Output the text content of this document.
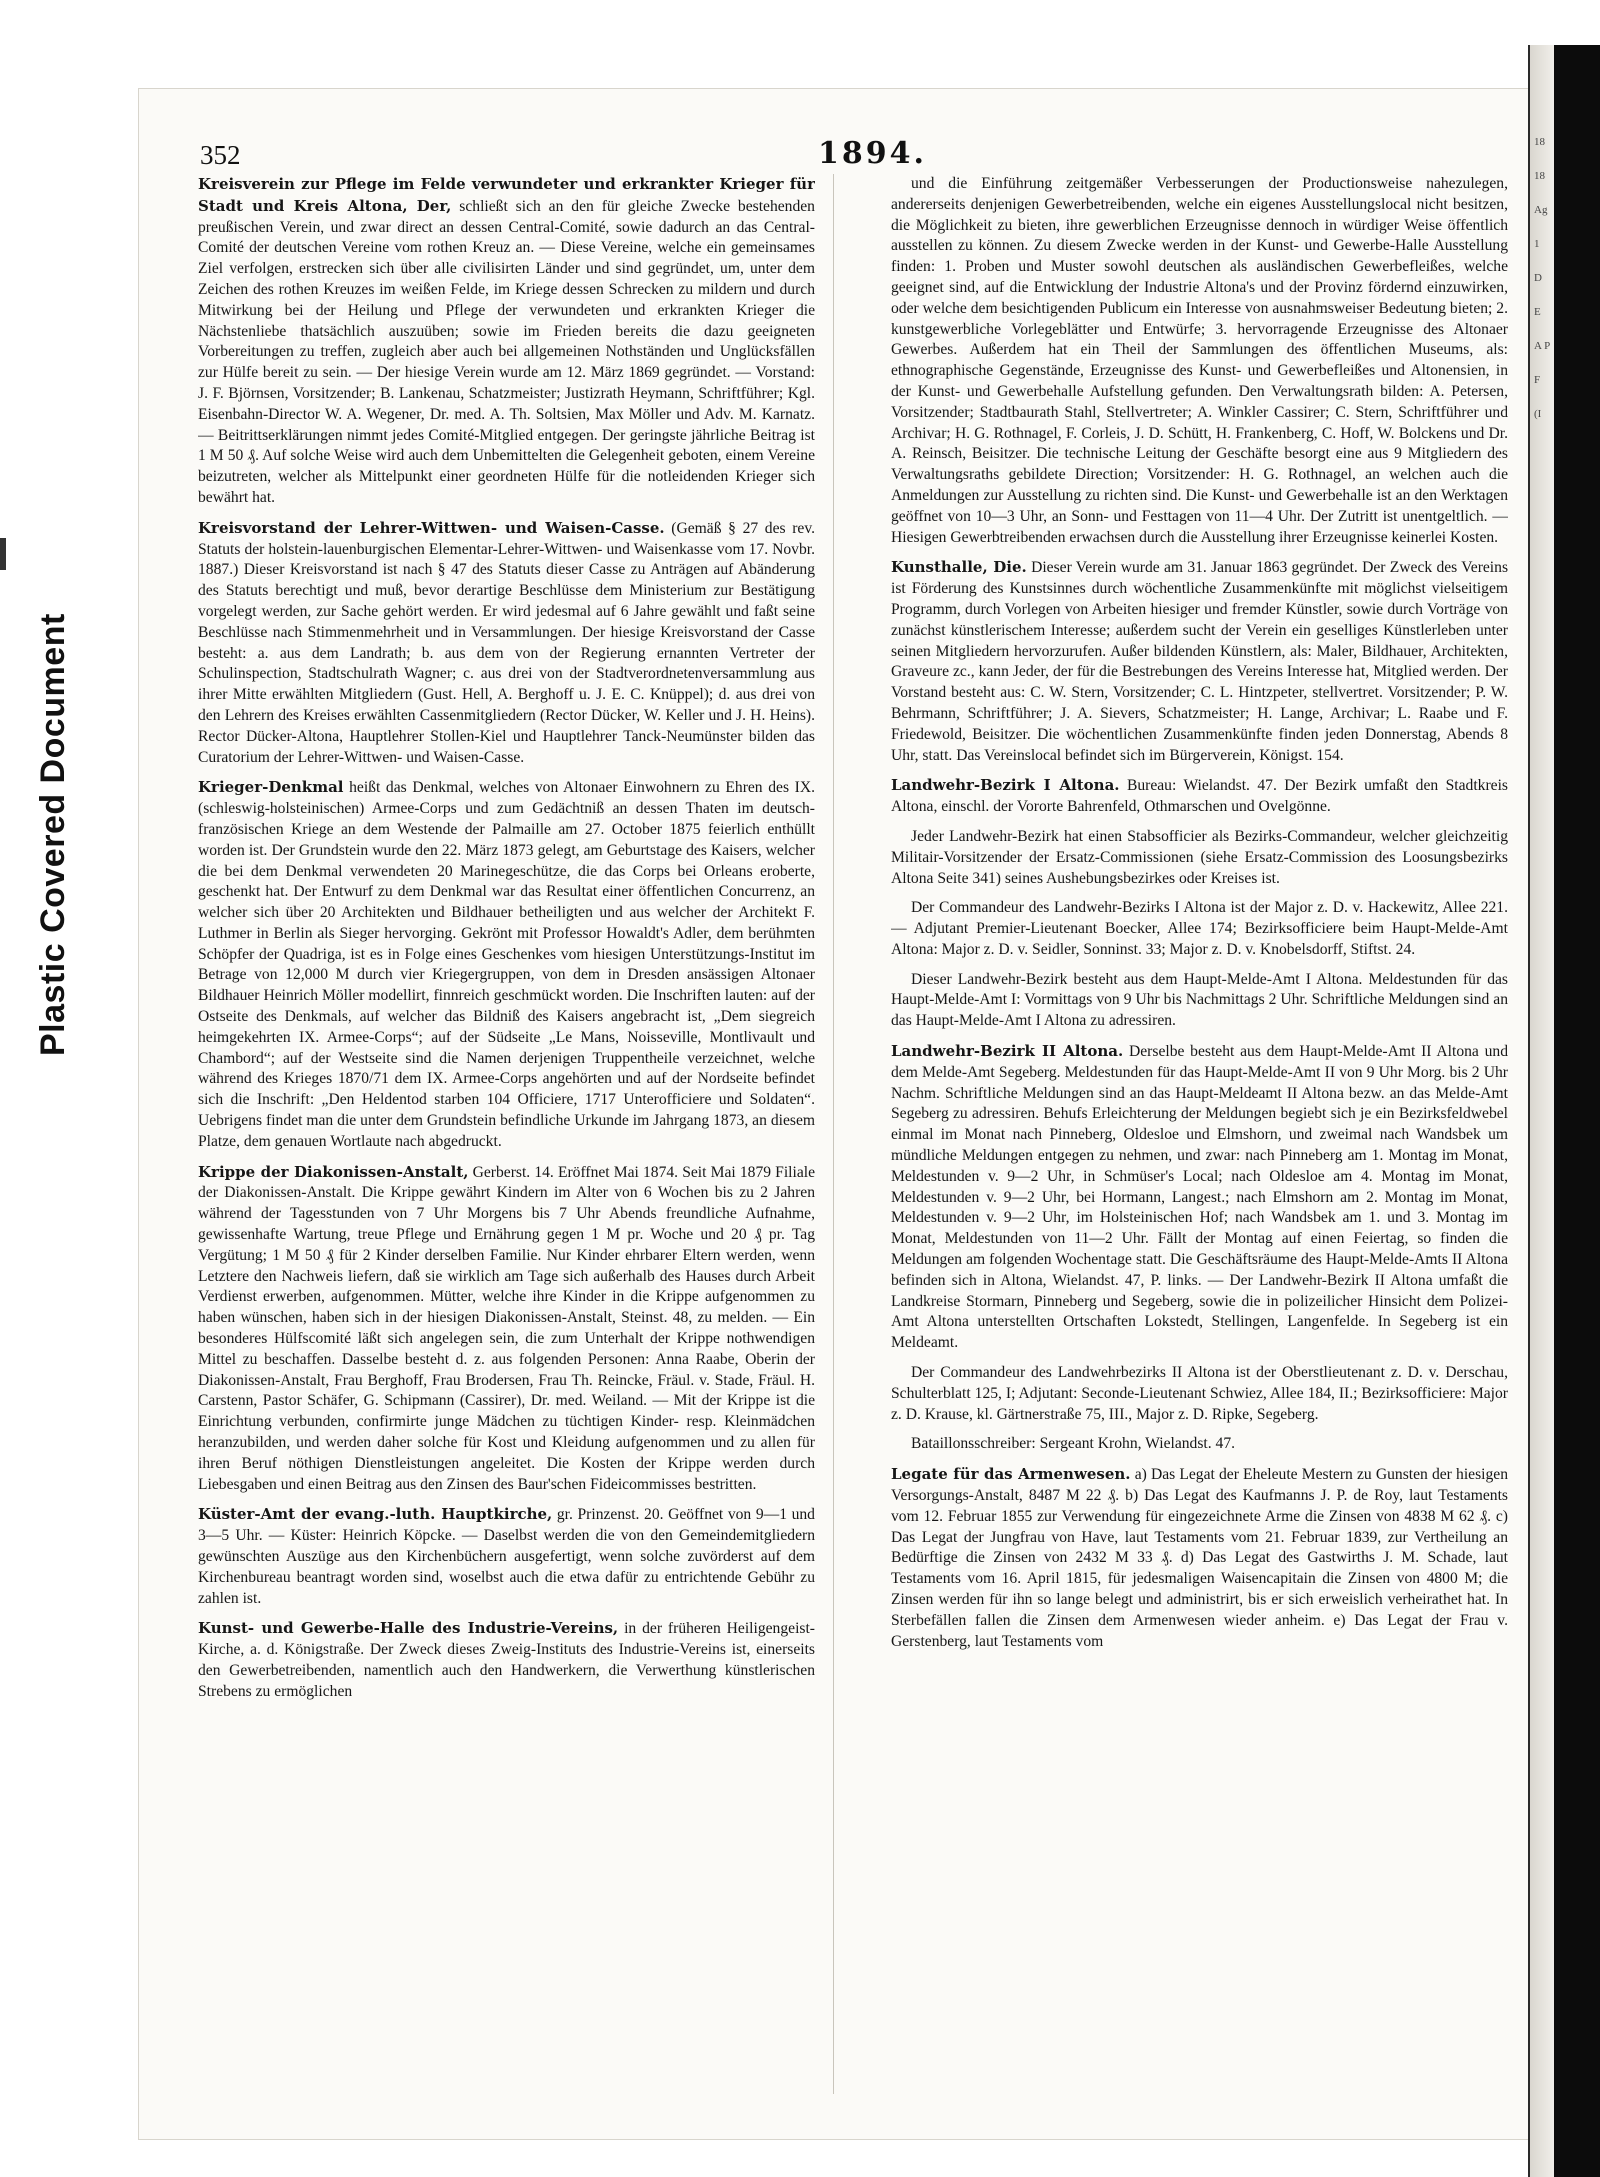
Plastic Covered Document
352	1894.

Kreisverein zur Pflege im Felde verwundeter und erkrankter Krieger für Stadt und Kreis Altona, Der, schließt sich an den für gleiche Zwecke bestehenden preußischen Verein, und zwar direct an dessen Central-Comité, sowie dadurch an das Central-Comité der deutschen Vereine vom rothen Kreuz an. — Diese Vereine, welche ein gemeinsames Ziel verfolgen, erstrecken sich über alle civilisirten Länder und sind gegründet, um, unter dem Zeichen des rothen Kreuzes im weißen Felde, im Kriege dessen Schrecken zu mildern und durch Mitwirkung bei der Heilung und Pflege der verwundeten und erkrankten Krieger die Nächstenliebe thatsächlich auszuüben; sowie im Frieden bereits die dazu geeigneten Vorbereitungen zu treffen, zugleich aber auch bei allgemeinen Nothständen und Unglücksfällen zur Hülfe bereit zu sein. — Der hiesige Verein wurde am 12. März 1869 gegründet. — Vorstand: J. F. Björnsen, Vorsitzender; B. Lankenau, Schatzmeister; Justizrath Heymann, Schriftführer; Kgl. Eisenbahn-Director W. A. Wegener, Dr. med. A. Th. Soltsien, Max Möller und Adv. M. Karnatz. — Beitrittserklärungen nimmt jedes Comité-Mitglied entgegen. Der geringste jährliche Beitrag ist 1 M 50 ₰. Auf solche Weise wird auch dem Unbemittelten die Gelegenheit geboten, einem Vereine beizutreten, welcher als Mittelpunkt einer geordneten Hülfe für die notleidenden Krieger sich bewährt hat.

Kreisvorstand der Lehrer-Wittwen- und Waisen-Casse. (Gemäß § 27 des rev. Statuts der holstein-lauenburgischen Elementar-Lehrer-Wittwen- und Waisenkasse vom 17. Novbr. 1887.) Dieser Kreisvorstand ist nach § 47 des Statuts dieser Casse zu Anträgen auf Abänderung des Statuts berechtigt und muß, bevor derartige Beschlüsse dem Ministerium zur Bestätigung vorgelegt werden, zur Sache gehört werden. Er wird jedesmal auf 6 Jahre gewählt und faßt seine Beschlüsse nach Stimmenmehrheit und in Versammlungen. Der hiesige Kreisvorstand der Casse besteht: a. aus dem Landrath; b. aus dem von der Regierung ernannten Vertreter der Schulinspection, Stadtschulrath Wagner; c. aus drei von der Stadtverordnetenversammlung aus ihrer Mitte erwählten Mitgliedern (Gust. Hell, A. Berghoff u. J. E. C. Knüppel); d. aus drei von den Lehrern des Kreises erwählten Cassenmitgliedern (Rector Dücker, W. Keller und J. H. Heins). Rector Dücker-Altona, Hauptlehrer Stollen-Kiel und Hauptlehrer Tanck-Neumünster bilden das Curatorium der Lehrer-Wittwen- und Waisen-Casse.

Krieger-Denkmal heißt das Denkmal, welches von Altonaer Einwohnern zu Ehren des IX. (schleswig-holsteinischen) Armee-Corps und zum Gedächtniß an dessen Thaten im deutsch-französischen Kriege an dem Westende der Palmaille am 27. October 1875 feierlich enthüllt worden ist. Der Grundstein wurde den 22. März 1873 gelegt, am Geburtstage des Kaisers, welcher die bei dem Denkmal verwendeten 20 Marinegeschütze, die das Corps bei Orleans eroberte, geschenkt hat. Der Entwurf zu dem Denkmal war das Resultat einer öffentlichen Concurrenz, an welcher sich über 20 Architekten und Bildhauer betheiligten und aus welcher der Architekt F. Luthmer in Berlin als Sieger hervorging. Gekrönt mit Professor Howaldt's Adler, dem berühmten Schöpfer der Quadriga, ist es in Folge eines Geschenkes vom hiesigen Unterstützungs-Institut im Betrage von 12,000 M durch vier Kriegergruppen, von dem in Dresden ansässigen Altonaer Bildhauer Heinrich Möller modellirt, finnreich geschmückt worden. Die Inschriften lauten: auf der Ostseite des Denkmals, auf welcher das Bildniß des Kaisers angebracht ist, „Dem siegreich heimgekehrten IX. Armee-Corps“; auf der Südseite „Le Mans, Noisseville, Montlivault und Chambord“; auf der Westseite sind die Namen derjenigen Truppentheile verzeichnet, welche während des Krieges 1870/71 dem IX. Armee-Corps angehörten und auf der Nordseite befindet sich die Inschrift: „Den Heldentod starben 104 Officiere, 1717 Unterofficiere und Soldaten“. Uebrigens findet man die unter dem Grundstein befindliche Urkunde im Jahrgang 1873, an diesem Platze, dem genauen Wortlaute nach abgedruckt.

Krippe der Diakonissen-Anstalt, Gerberst. 14. Eröffnet Mai 1874. Seit Mai 1879 Filiale der Diakonissen-Anstalt. Die Krippe gewährt Kindern im Alter von 6 Wochen bis zu 2 Jahren während der Tagesstunden von 7 Uhr Morgens bis 7 Uhr Abends freundliche Aufnahme, gewissenhafte Wartung, treue Pflege und Ernährung gegen 1 M pr. Woche und 20 ₰ pr. Tag Vergütung; 1 M 50 ₰ für 2 Kinder derselben Familie. Nur Kinder ehrbarer Eltern werden, wenn Letztere den Nachweis liefern, daß sie wirklich am Tage sich außerhalb des Hauses durch Arbeit Verdienst erwerben, aufgenommen. Mütter, welche ihre Kinder in die Krippe aufgenommen zu haben wünschen, haben sich in der hiesigen Diakonissen-Anstalt, Steinst. 48, zu melden. — Ein besonderes Hülfscomité läßt sich angelegen sein, die zum Unterhalt der Krippe nothwendigen Mittel zu beschaffen. Dasselbe besteht d. z. aus folgenden Personen: Anna Raabe, Oberin der Diakonissen-Anstalt, Frau Berghoff, Frau Brodersen, Frau Th. Reincke, Fräul. v. Stade, Fräul. H. Carstenn, Pastor Schäfer, G. Schipmann (Cassirer), Dr. med. Weiland. — Mit der Krippe ist die Einrichtung verbunden, confirmirte junge Mädchen zu tüchtigen Kinder- resp. Kleinmädchen heranzubilden, und werden daher solche für Kost und Kleidung aufgenommen und zu allen für ihren Beruf nöthigen Dienstleistungen angeleitet. Die Kosten der Krippe werden durch Liebesgaben und einen Beitrag aus den Zinsen des Baur'schen Fideicommisses bestritten.

Küster-Amt der evang.-luth. Hauptkirche, gr. Prinzenst. 20. Geöffnet von 9—1 und 3—5 Uhr. — Küster: Heinrich Köpcke. — Daselbst werden die von den Gemeindemitgliedern gewünschten Auszüge aus den Kirchenbüchern ausgefertigt, wenn solche zuvörderst auf dem Kirchenbureau beantragt worden sind, woselbst auch die etwa dafür zu entrichtende Gebühr zu zahlen ist.

Kunst- und Gewerbe-Halle des Industrie-Vereins, in der früheren Heiligengeist-Kirche, a. d. Königstraße. Der Zweck dieses Zweig-Instituts des Industrie-Vereins ist, einerseits den Gewerbetreibenden, namentlich auch den Handwerkern, die Verwerthung künstlerischen Strebens zu ermöglichen

und die Einführung zeitgemäßer Verbesserungen der Productionsweise nahezulegen, andererseits denjenigen Gewerbetreibenden, welche ein eigenes Ausstellungslocal nicht besitzen, die Möglichkeit zu bieten, ihre gewerblichen Erzeugnisse dennoch in würdiger Weise öffentlich ausstellen zu können. Zu diesem Zwecke werden in der Kunst- und Gewerbe-Halle Ausstellung finden: 1. Proben und Muster sowohl deutschen als ausländischen Gewerbefleißes, welche geeignet sind, auf die Entwicklung der Industrie Altona's und der Provinz fördernd einzuwirken, oder welche dem besichtigenden Publicum ein Interesse von ausnahmsweiser Bedeutung bieten; 2. kunstgewerbliche Vorlegeblätter und Entwürfe; 3. hervorragende Erzeugnisse des Altonaer Gewerbes. Außerdem hat ein Theil der Sammlungen des öffentlichen Museums, als: ethnographische Gegenstände, Erzeugnisse des Kunst- und Gewerbefleißes und Altonensien, in der Kunst- und Gewerbehalle Aufstellung gefunden. Den Verwaltungsrath bilden: A. Petersen, Vorsitzender; Stadtbaurath Stahl, Stellvertreter; A. Winkler Cassirer; C. Stern, Schriftführer und Archivar; H. G. Rothnagel, F. Corleis, J. D. Schütt, H. Frankenberg, C. Hoff, W. Bolckens und Dr. A. Reinsch, Beisitzer. Die technische Leitung der Geschäfte besorgt eine aus 9 Mitgliedern des Verwaltungsraths gebildete Direction; Vorsitzender: H. G. Rothnagel, an welchen auch die Anmeldungen zur Ausstellung zu richten sind. Die Kunst- und Gewerbehalle ist an den Werktagen geöffnet von 10—3 Uhr, an Sonn- und Festtagen von 11—4 Uhr. Der Zutritt ist unentgeltlich. — Hiesigen Gewerbtreibenden erwachsen durch die Ausstellung ihrer Erzeugnisse keinerlei Kosten.

Kunsthalle, Die. Dieser Verein wurde am 31. Januar 1863 gegründet. Der Zweck des Vereins ist Förderung des Kunstsinnes durch wöchentliche Zusammenkünfte mit möglichst vielseitigem Programm, durch Vorlegen von Arbeiten hiesiger und fremder Künstler, sowie durch Vorträge von zunächst künstlerischem Interesse; außerdem sucht der Verein ein geselliges Künstlerleben unter seinen Mitgliedern hervorzurufen. Außer bildenden Künstlern, als: Maler, Bildhauer, Architekten, Graveure zc., kann Jeder, der für die Bestrebungen des Vereins Interesse hat, Mitglied werden. Der Vorstand besteht aus: C. W. Stern, Vorsitzender; C. L. Hintzpeter, stellvertret. Vorsitzender; P. W. Behrmann, Schriftführer; J. A. Sievers, Schatzmeister; H. Lange, Archivar; L. Raabe und F. Friedewold, Beisitzer. Die wöchentlichen Zusammenkünfte finden jeden Donnerstag, Abends 8 Uhr, statt. Das Vereinslocal befindet sich im Bürgerverein, Königst. 154.

Landwehr-Bezirk I Altona. Bureau: Wielandst. 47. Der Bezirk umfaßt den Stadtkreis Altona, einschl. der Vororte Bahrenfeld, Othmarschen und Ovelgönne.

Jeder Landwehr-Bezirk hat einen Stabsofficier als Bezirks-Commandeur, welcher gleichzeitig Militair-Vorsitzender der Ersatz-Commissionen (siehe Ersatz-Commission des Loosungsbezirks Altona Seite 341) seines Aushebungsbezirkes oder Kreises ist.

Der Commandeur des Landwehr-Bezirks I Altona ist der Major z. D. v. Hackewitz, Allee 221. — Adjutant Premier-Lieutenant Boecker, Allee 174; Bezirksofficiere beim Haupt-Melde-Amt Altona: Major z. D. v. Seidler, Sonninst. 33; Major z. D. v. Knobelsdorff, Stiftst. 24.

Dieser Landwehr-Bezirk besteht aus dem Haupt-Melde-Amt I Altona. Meldestunden für das Haupt-Melde-Amt I: Vormittags von 9 Uhr bis Nachmittags 2 Uhr. Schriftliche Meldungen sind an das Haupt-Melde-Amt I Altona zu adressiren.

Landwehr-Bezirk II Altona. Derselbe besteht aus dem Haupt-Melde-Amt II Altona und dem Melde-Amt Segeberg. Meldestunden für das Haupt-Melde-Amt II von 9 Uhr Morg. bis 2 Uhr Nachm. Schriftliche Meldungen sind an das Haupt-Meldeamt II Altona bezw. an das Melde-Amt Segeberg zu adressiren. Behufs Erleichterung der Meldungen begiebt sich je ein Bezirksfeldwebel einmal im Monat nach Pinneberg, Oldesloe und Elmshorn, und zweimal nach Wandsbek um mündliche Meldungen entgegen zu nehmen, und zwar: nach Pinneberg am 1. Montag im Monat, Meldestunden v. 9—2 Uhr, in Schmüser's Local; nach Oldesloe am 4. Montag im Monat, Meldestunden v. 9—2 Uhr, bei Hormann, Langest.; nach Elmshorn am 2. Montag im Monat, Meldestunden v. 9—2 Uhr, im Holsteinischen Hof; nach Wandsbek am 1. und 3. Montag im Monat, Meldestunden von 11—2 Uhr. Fällt der Montag auf einen Feiertag, so finden die Meldungen am folgenden Wochentage statt. Die Geschäftsräume des Haupt-Melde-Amts II Altona befinden sich in Altona, Wielandst. 47, P. links. — Der Landwehr-Bezirk II Altona umfaßt die Landkreise Stormarn, Pinneberg und Segeberg, sowie die in polizeilicher Hinsicht dem Polizei-Amt Altona unterstellten Ortschaften Lokstedt, Stellingen, Langenfelde. In Segeberg ist ein Meldeamt.

Der Commandeur des Landwehrbezirks II Altona ist der Oberstlieutenant z. D. v. Derschau, Schulterblatt 125, I; Adjutant: Seconde-Lieutenant Schwiez, Allee 184, II.; Bezirksofficiere: Major z. D. Krause, kl. Gärtnerstraße 75, III., Major z. D. Ripke, Segeberg.

Bataillonsschreiber: Sergeant Krohn, Wielandst. 47.

Legate für das Armenwesen. a) Das Legat der Eheleute Mestern zu Gunsten der hiesigen Versorgungs-Anstalt, 8487 M 22 ₰. b) Das Legat des Kaufmanns J. P. de Roy, laut Testaments vom 12. Februar 1855 zur Verwendung für eingezeichnete Arme die Zinsen von 4838 M 62 ₰. c) Das Legat der Jungfrau von Have, laut Testaments vom 21. Februar 1839, zur Vertheilung an Bedürftige die Zinsen von 2432 M 33 ₰. d) Das Legat des Gastwirths J. M. Schade, laut Testaments vom 16. April 1815, für jedesmaligen Waisencapitain die Zinsen von 4800 M; die Zinsen werden für ihn so lange belegt und administrirt, bis er sich erweislich verheirathet hat. In Sterbefällen fallen die Zinsen dem Armenwesen wieder anheim. e) Das Legat der Frau v. Gerstenberg, laut Testaments vom

18 18 Ag 1 D E A P F (I
